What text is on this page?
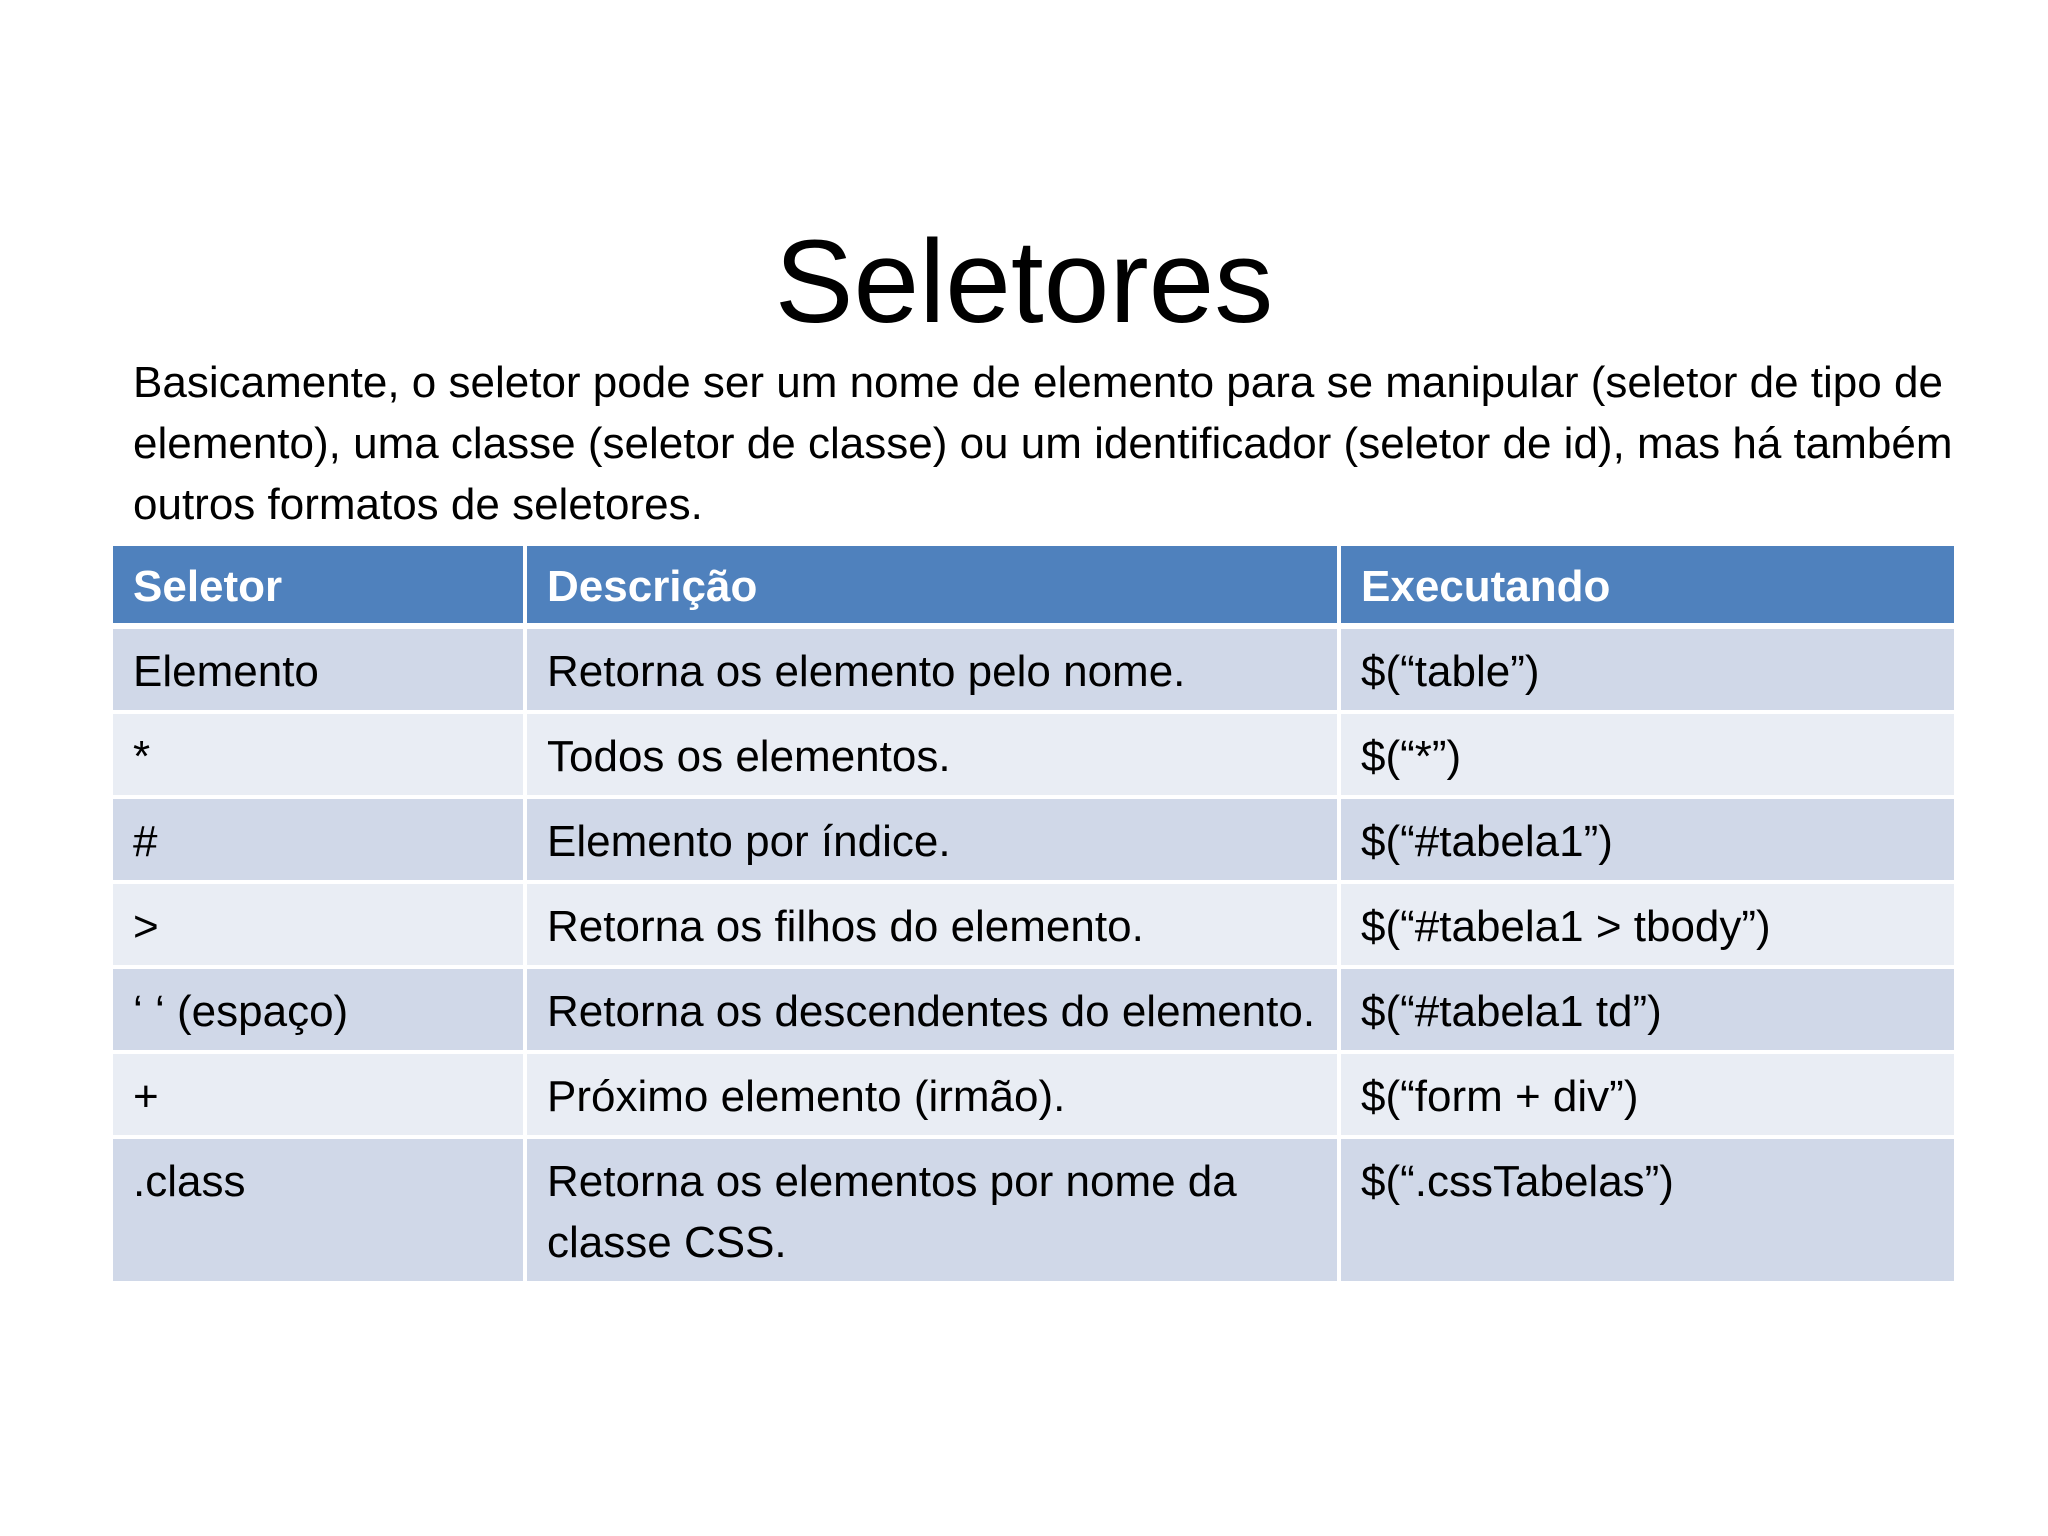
Seletores

Basicamente, o seletor pode ser um nome de elemento para se manipular (seletor de tipo de elemento), uma classe (seletor de classe) ou um identificador (seletor de id), mas há também outros formatos de seletores.

Seletor	Descrição	Executando
Elemento	Retorna os elemento pelo nome.	$(“table”)
*	Todos os elementos.	$(“*”)
#	Elemento por índice.	$(“#tabela1”)
>	Retorna os filhos do elemento.	$(“#tabela1 > tbody”)
‘ ‘ (espaço)	Retorna os descendentes do elemento.	$(“#tabela1 td”)
+	Próximo elemento (irmão).	$(“form + div”)
.class	Retorna os elementos por nome da classe CSS.	$(“.cssTabelas”)
